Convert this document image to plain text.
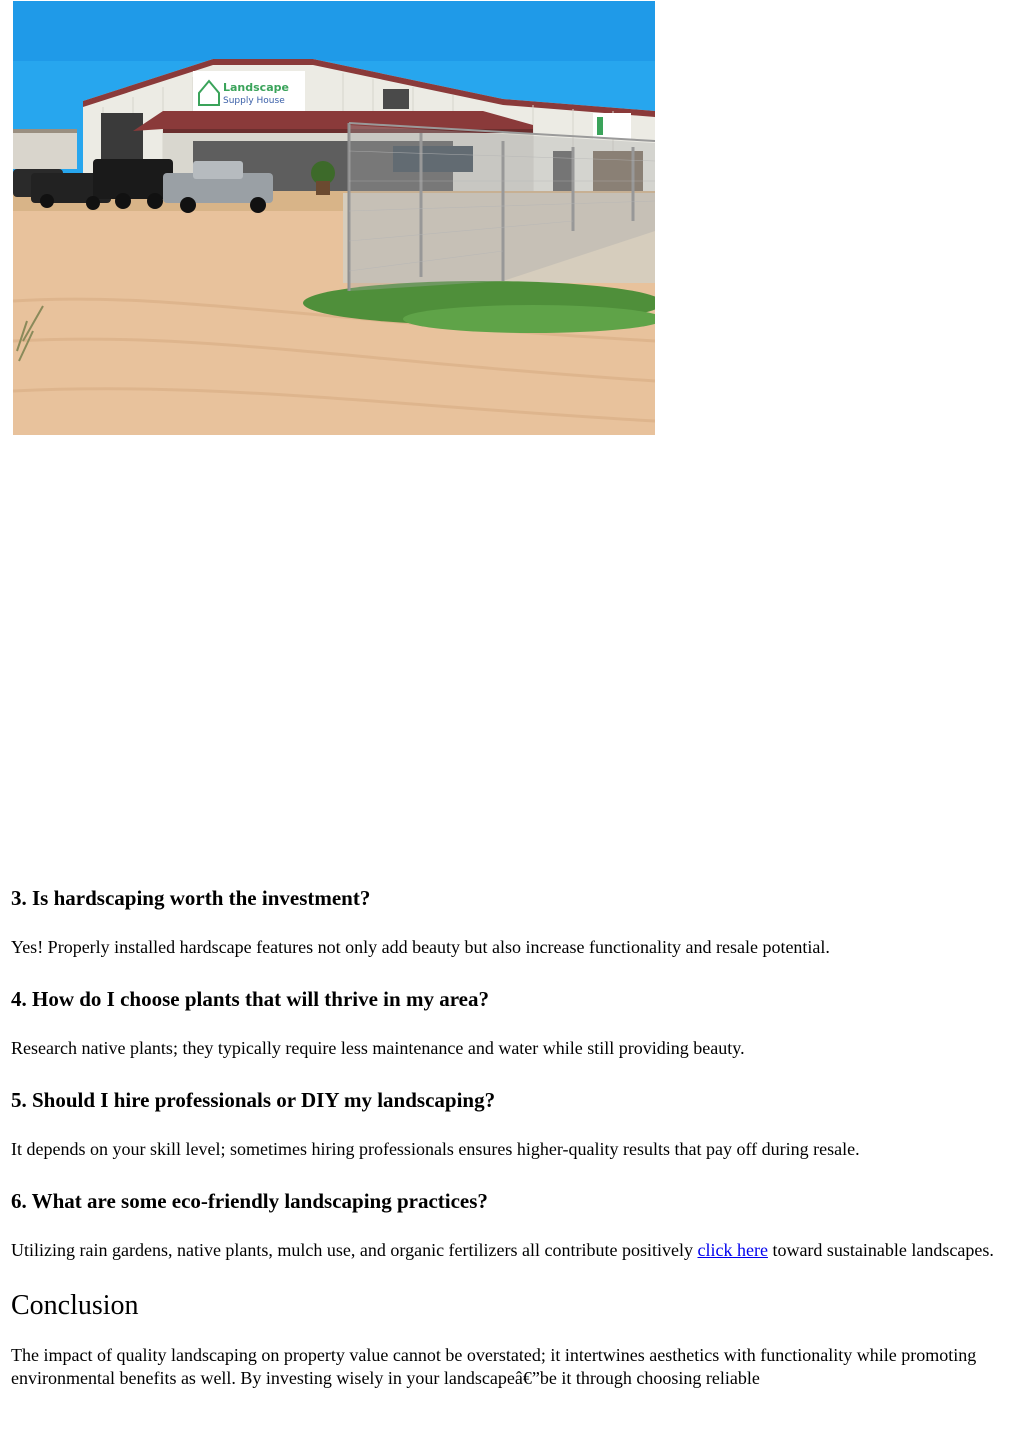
Landscape
Supply House
3. Is hardscaping worth the investment?

Yes! Properly installed hardscape features not only add beauty but also increase functionality and resale potential.

4. How do I choose plants that will thrive in my area?

Research native plants; they typically require less maintenance and water while still providing beauty.

5. Should I hire professionals or DIY my landscaping?

It depends on your skill level; sometimes hiring professionals ensures higher-quality results that pay off during resale.

6. What are some eco-friendly landscaping practices?

Utilizing rain gardens, native plants, mulch use, and organic fertilizers all contribute positively click here toward sustainable landscapes.

Conclusion

The impact of quality landscaping on property value cannot be overstated; it intertwines aesthetics with functionality while promoting environmental benefits as well. By investing wisely in your landscapeâ€”be it through choosing reliable
